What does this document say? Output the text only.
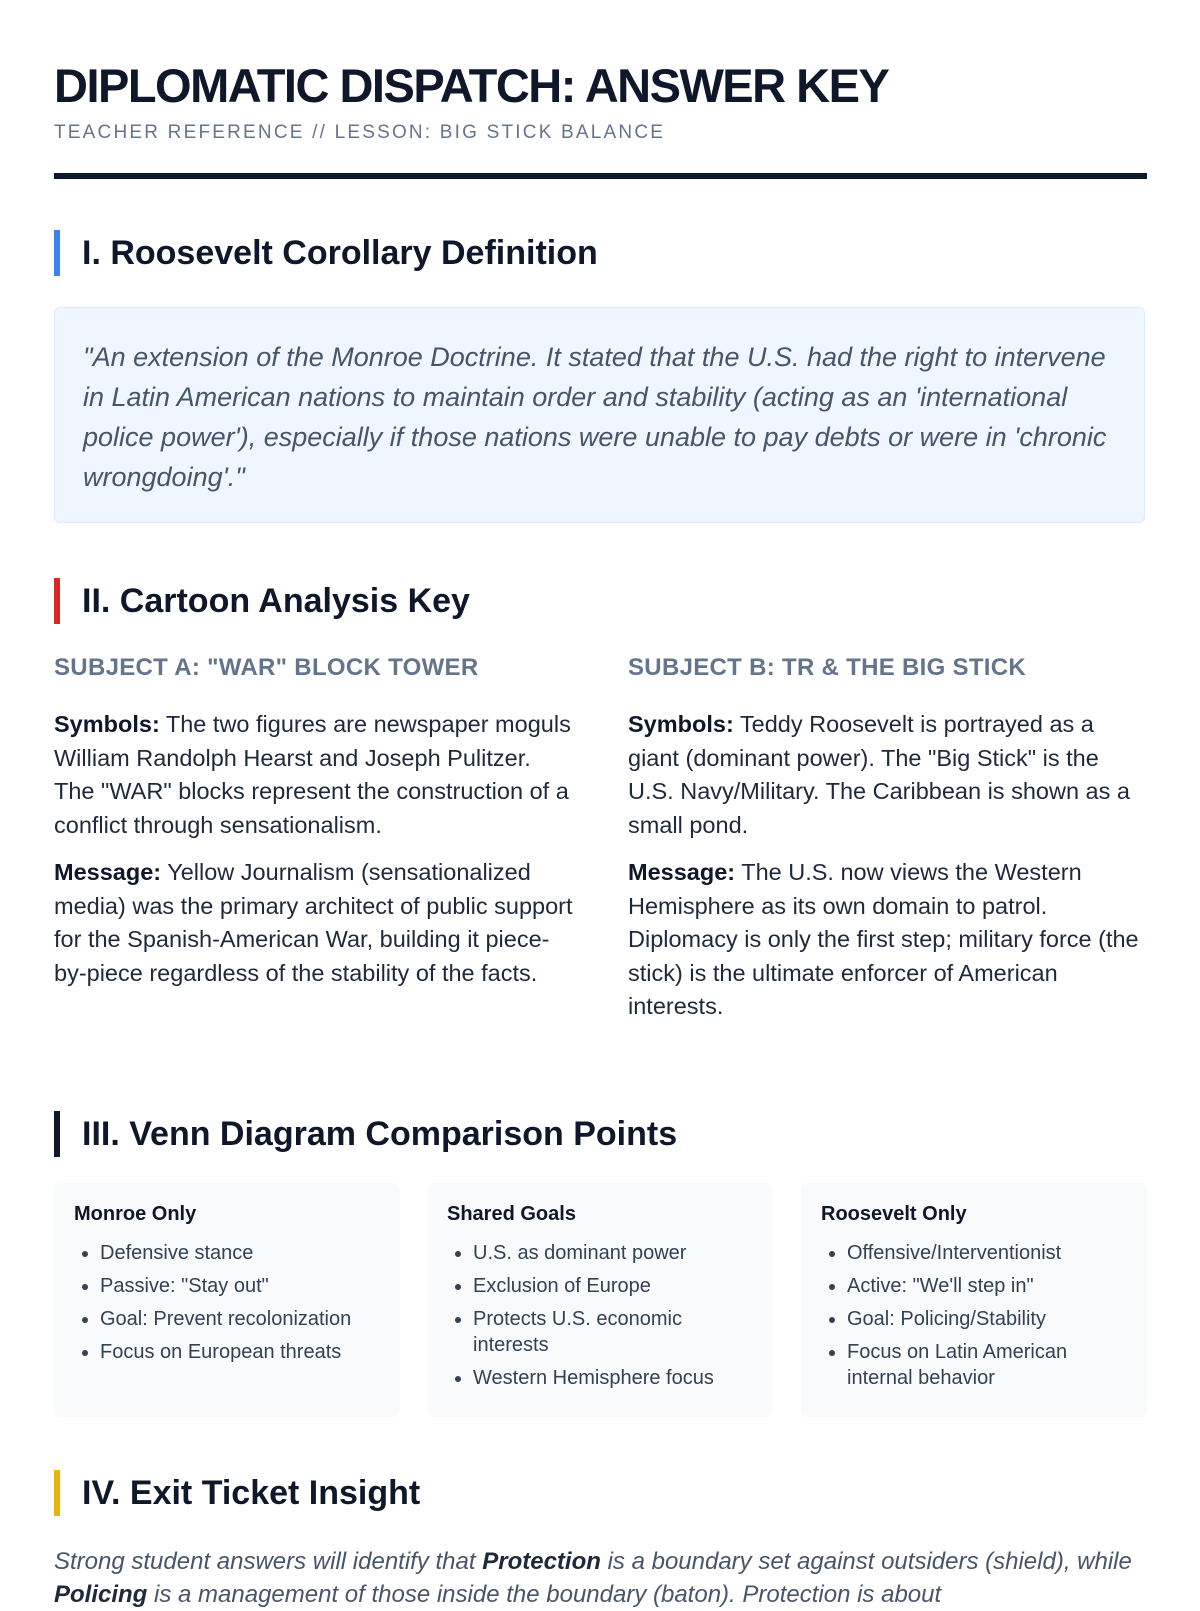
DIPLOMATIC DISPATCH: ANSWER KEY
TEACHER REFERENCE // LESSON: BIG STICK BALANCE
I. Roosevelt Corollary Definition
"An extension of the Monroe Doctrine. It stated that the U.S. had the right to intervene in Latin American nations to maintain order and stability (acting as an 'international police power'), especially if those nations were unable to pay debts or were in 'chronic wrongdoing'."
II. Cartoon Analysis Key
SUBJECT A: "WAR" BLOCK TOWER

Symbols: The two figures are newspaper moguls William Randolph Hearst and Joseph Pulitzer. The "WAR" blocks represent the construction of a conflict through sensationalism.

Message: Yellow Journalism (sensationalized media) was the primary architect of public support for the Spanish-American War, building it piece-by-piece regardless of the stability of the facts.

SUBJECT B: TR & THE BIG STICK

Symbols: Teddy Roosevelt is portrayed as a giant (dominant power). The "Big Stick" is the U.S. Navy/Military. The Caribbean is shown as a small pond.

Message: The U.S. now views the Western Hemisphere as its own domain to patrol. Diplomacy is only the first step; military force (the stick) is the ultimate enforcer of American interests.

III. Venn Diagram Comparison Points
Monroe Only
• Defensive stance
• Passive: "Stay out"
• Goal: Prevent recolonization
• Focus on European threats
Shared Goals
• U.S. as dominant power
• Exclusion of Europe
• Protects U.S. economic interests
• Western Hemisphere focus
Roosevelt Only
• Offensive/Interventionist
• Active: "We'll step in"
• Goal: Policing/Stability
• Focus on Latin American internal behavior
IV. Exit Ticket Insight
Strong student answers will identify that Protection is a boundary set against outsiders (shield), while Policing is a management of those inside the boundary (baton). Protection is about
